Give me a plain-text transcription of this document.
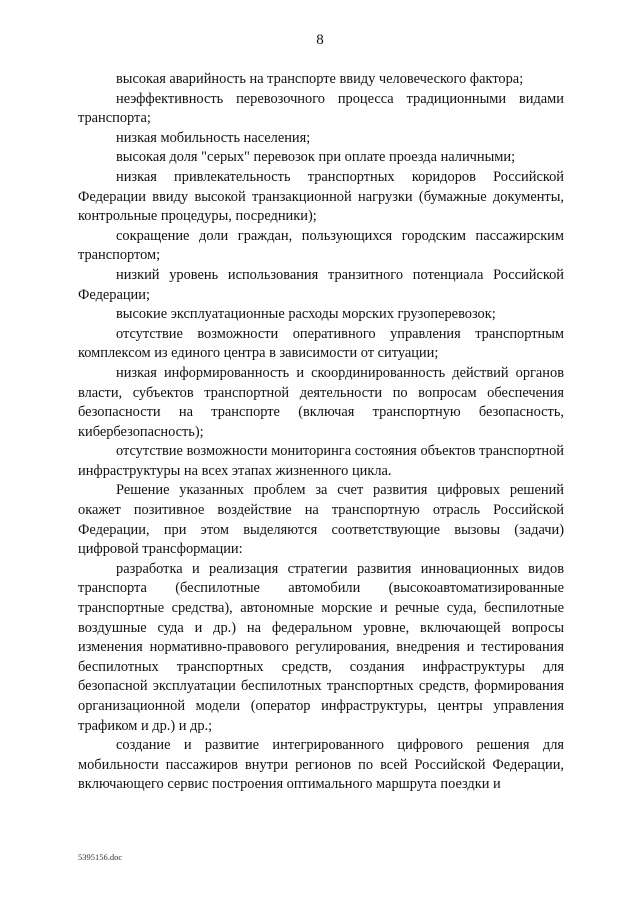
8

высокая аварийность на транспорте ввиду человеческого фактора;

неэффективность перевозочного процесса традиционными видами транспорта;

низкая мобильность населения;

высокая доля "серых" перевозок при оплате проезда наличными;

низкая привлекательность транспортных коридоров Российской Федерации ввиду высокой транзакционной нагрузки (бумажные документы, контрольные процедуры, посредники);

сокращение доли граждан, пользующихся городским пассажирским транспортом;

низкий уровень использования транзитного потенциала Российской Федерации;

высокие эксплуатационные расходы морских грузоперевозок;

отсутствие возможности оперативного управления транспортным комплексом из единого центра в зависимости от ситуации;

низкая информированность и скоординированность действий органов власти, субъектов транспортной деятельности по вопросам обеспечения безопасности на транспорте (включая транспортную безопасность, кибербезопасность);

отсутствие возможности мониторинга состояния объектов транспортной инфраструктуры на всех этапах жизненного цикла.

Решение указанных проблем за счет развития цифровых решений окажет позитивное воздействие на транспортную отрасль Российской Федерации, при этом выделяются соответствующие вызовы (задачи) цифровой трансформации:

разработка и реализация стратегии развития инновационных видов транспорта (беспилотные автомобили (высокоавтоматизированные транспортные средства), автономные морские и речные суда, беспилотные воздушные суда и др.) на федеральном уровне, включающей вопросы изменения нормативно-правового регулирования, внедрения и тестирования беспилотных транспортных средств, создания инфраструктуры для безопасной эксплуатации беспилотных транспортных средств, формирования организационной модели (оператор инфраструктуры, центры управления трафиком и др.) и др.;

создание и развитие интегрированного цифрового решения для мобильности пассажиров внутри регионов по всей Российской Федерации, включающего сервис построения оптимального маршрута поездки и

5395156.doc
